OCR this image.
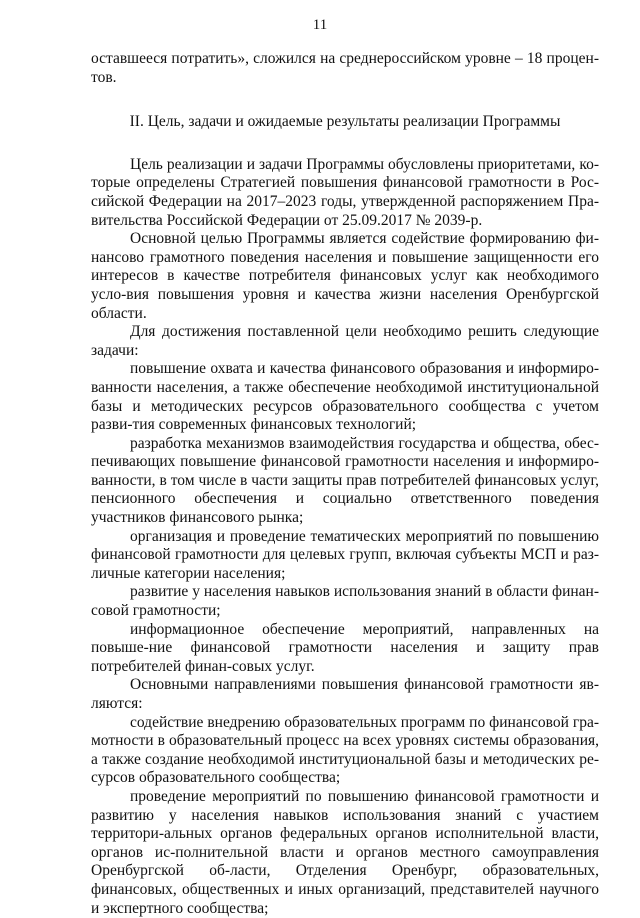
11

оставшееся потратить», сложился на среднероссийском уровне – 18 процен-тов.

II. Цель, задачи и ожидаемые результаты реализации Программы

Цель реализации и задачи Программы обусловлены приоритетами, ко-торые определены Стратегией повышения финансовой грамотности в Рос-сийской Федерации на 2017–2023 годы, утвержденной распоряжением Пра-вительства Российской Федерации от 25.09.2017 № 2039-р.

Основной целью Программы является содействие формированию фи-нансово грамотного поведения населения и повышение защищенности его интересов в качестве потребителя финансовых услуг как необходимого усло-вия повышения уровня и качества жизни населения Оренбургской области.

Для достижения поставленной цели необходимо решить следующие задачи:

повышение охвата и качества финансового образования и информиро-ванности населения, а также обеспечение необходимой институциональной базы и методических ресурсов образовательного сообщества с учетом разви-тия современных финансовых технологий;

разработка механизмов взаимодействия государства и общества, обес-печивающих повышение финансовой грамотности населения и информиро-ванности, в том числе в части защиты прав потребителей финансовых услуг, пенсионного обеспечения и социально ответственного поведения участников финансового рынка;

организация и проведение тематических мероприятий по повышению финансовой грамотности для целевых групп, включая субъекты МСП и раз-личные категории населения;

развитие у населения навыков использования знаний в области финан-совой грамотности;

информационное обеспечение мероприятий, направленных на повыше-ние финансовой грамотности населения и защиту прав потребителей финан-совых услуг.

Основными направлениями повышения финансовой грамотности яв-ляются:

содействие внедрению образовательных программ по финансовой гра-мотности в образовательный процесс на всех уровнях системы образования, а также создание необходимой институциональной базы и методических ре-сурсов образовательного сообщества;

проведение мероприятий по повышению финансовой грамотности и развитию у населения навыков использования знаний с участием территори-альных органов федеральных органов исполнительной власти, органов ис-полнительной власти и органов местного самоуправления Оренбургской об-ласти, Отделения Оренбург, образовательных, финансовых, общественных и иных организаций, представителей научного и экспертного сообщества;
